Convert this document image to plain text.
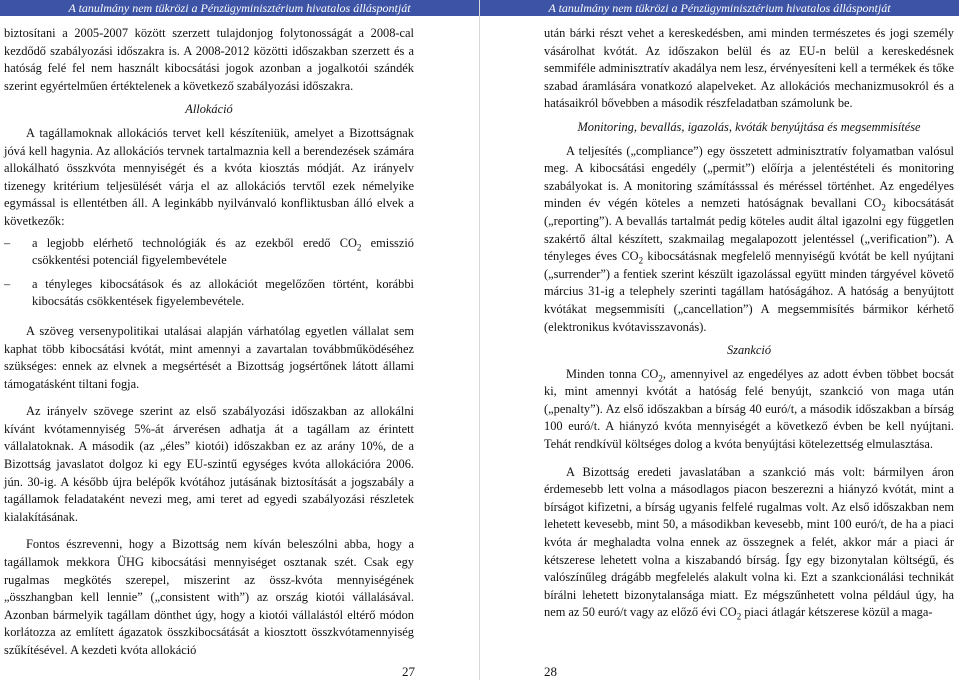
A tanulmány nem tükrözi a Pénzügyminisztérium hivatalos álláspontját

biztosítani a 2005-2007 között szerzett tulajdonjog folytonosságát a 2008-cal kezdődő szabályozási időszakra is. A 2008-2012 közötti időszakban szerzett és a hatóság felé fel nem használt kibocsátási jogok azonban a jogalkotói szándék szerint egyértelműen értéktelenek a következő szabályozási időszakra.

Allokáció

A tagállamoknak allokációs tervet kell készíteniük, amelyet a Bizottságnak jóvá kell hagynia. Az allokációs tervnek tartalmaznia kell a berendezések számára allokálható összkvóta mennyiségét és a kvóta kiosztás módját. Az irányelv tizenegy kritérium teljesülését várja el az allokációs tervtől ezek némelyike egymással is ellentétben áll. A leginkább nyilvánvaló konfliktusban álló elvek a következők:

–	a legjobb elérhető technológiák és az ezekből eredő $CO_2$ emisszió csökkentési potenciál figyelembevétele
–	a tényleges kibocsátások és az allokációt megelőzően történt, korábbi kibocsátás csökkentések figyelembevétele.

A szöveg versenypolitikai utalásai alapján várhatólag egyetlen vállalat sem kaphat több kibocsátási kvótát, mint amennyi a zavartalan továbbműködéséhez szükséges: ennek az elvnek a megsértését a Bizottság jogsértőnek látott állami támogatásként tiltani fogja.

Az irányelv szövege szerint az első szabályozási időszakban az allokálni kívánt kvótamennyiség 5%-át árverésen adhatja át a tagállam az érintett vállalatoknak. A második (az „éles” kiotói) időszakban ez az arány 10%, de a Bizottság javaslatot dolgoz ki egy EU-szintű egységes kvóta allokációra 2006. jún. 30-ig. A később újra belépők kvótához jutásának biztosítását a jogszabály a tagállamok feladataként nevezi meg, ami teret ad egyedi szabályozási részletek kialakításának.

Fontos észrevenni, hogy a Bizottság nem kíván beleszólni abba, hogy a tagállamok mekkora ÜHG kibocsátási mennyiséget osztanak szét. Csak egy rugalmas megkötés szerepel, miszerint az össz-kvóta mennyiségének „összhangban kell lennie” („consistent with”) az ország kiotói vállalásával. Azonban bármelyik tagállam dönthet úgy, hogy a kiotói vállalástól eltérő módon korlátozza az említett ágazatok összkibocsátását a kiosztott összkvótamennyiség szűkítésével. A kezdeti kvóta allokáció

27
A tanulmány nem tükrözi a Pénzügyminisztérium hivatalos álláspontját

után bárki részt vehet a kereskedésben, ami minden természetes és jogi személy vásárolhat kvótát. Az időszakon belül és az EU-n belül a kereskedésnek semmiféle adminisztratív akadálya nem lesz, érvényesíteni kell a termékek és tőke szabad áramlására vonatkozó alapelveket. Az allokációs mechanizmusokról és a hatásaikról bővebben a második részfeladatban számolunk be.

Monitoring, bevallás, igazolás, kvóták benyújtása és megsemmisítése

A teljesítés („compliance”) egy összetett adminisztratív folyamatban valósul meg. A kibocsátási engedély („permit”) előírja a jelentéstételi és monitoring szabályokat is. A monitoring számításssal és méréssel történhet. Az engedélyes minden év végén köteles a nemzeti hatóságnak bevallani $CO_2$ kibocsátását („reporting”). A bevallás tartalmát pedig köteles audit által igazolni egy független szakértő által készített, szakmailag megalapozott jelentéssel („verification”). A tényleges éves $CO_2$ kibocsátásnak megfelelő mennyiségű kvótát be kell nyújtani („surrender”) a fentiek szerint készült igazolással együtt minden tárgyével követő március 31-ig a telephely szerinti tagállam hatóságához. A hatóság a benyújtott kvótákat megsemmisíti („cancellation”) A megsemmisítés bármikor kérhető (elektronikus kvótavisszavonás).

Szankció

Minden tonna $CO_2$, amennyivel az engedélyes az adott évben többet bocsát ki, mint amennyi kvótát a hatóság felé benyújt, szankció von maga után („penalty”). Az első időszakban a bírság 40 euró/t, a második időszakban a bírság 100 euró/t. A hiányzó kvóta mennyiségét a következő évben be kell nyújtani. Tehát rendkívül költséges dolog a kvóta benyújtási kötelezettség elmulasztása.

A Bizottság eredeti javaslatában a szankció más volt: bármilyen áron érdemesebb lett volna a másodlagos piacon beszerezni a hiányzó kvótát, mint a bírságot kifizetni, a bírság ugyanis felfelé rugalmas volt. Az első időszakban nem lehetett kevesebb, mint 50, a másodikban kevesebb, mint 100 euró/t, de ha a piaci kvóta ár meghaladta volna ennek az összegnek a felét, akkor már a piaci ár kétszerese lehetett volna a kiszabandó bírság. Így egy bizonytalan költségű, és valószínűleg drágább megfelelés alakult volna ki. Ezt a szankcionálási technikát bírálni lehetett bizonytalansága miatt. Ez mégszűnhetett volna például úgy, ha nem az 50 euró/t vagy az előző évi $CO_2$ piaci átlagár kétszerese közül a maga-

28
